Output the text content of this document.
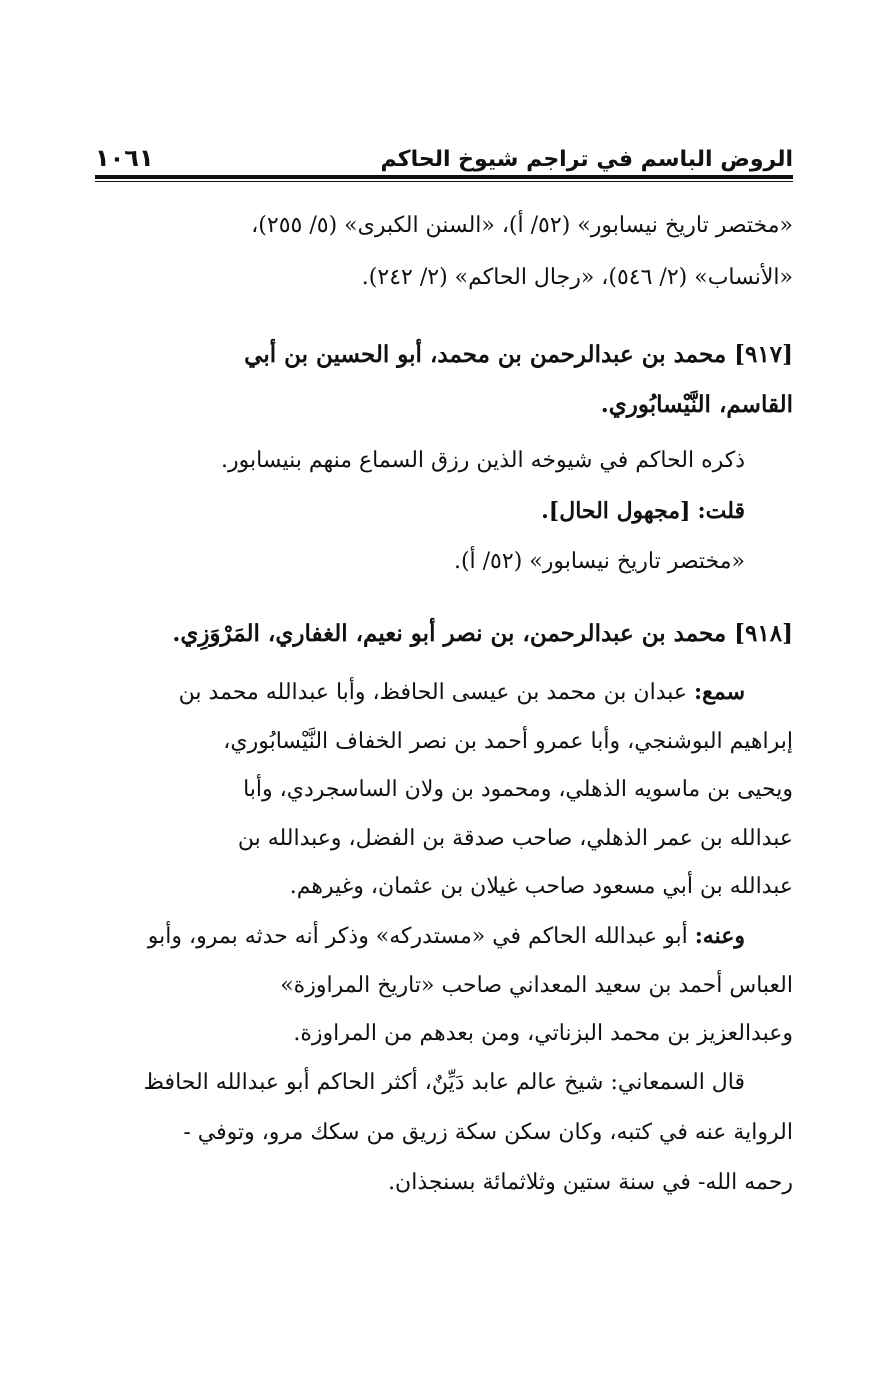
الروض الباسم في تراجم شيوخ الحاكم
١٠٦١
«مختصر تاريخ نيسابور» (٥٢/ أ)، «السنن الكبرى» (٥/ ٢٥٥)،
«الأنساب» (٢/ ٥٤٦)، «رجال الحاكم» (٢/ ٢٤٢).
[٩١٧] محمد بن عبدالرحمن بن محمد، أبو الحسين بن أبي
القاسم، النَّيْسابُوري.
ذكره الحاكم في شيوخه الذين رزق السماع منهم بنيسابور.
قلت: [مجهول الحال].
«مختصر تاريخ نيسابور» (٥٢/ أ).
[٩١٨] محمد بن عبدالرحمن، بن نصر أبو نعيم، الغفاري، المَرْوَزِي.
سمع: عبدان بن محمد بن عيسى الحافظ، وأبا عبدالله محمد بن
إبراهيم البوشنجي، وأبا عمرو أحمد بن نصر الخفاف النَّيْسابُوري،
ويحيى بن ماسويه الذهلي، ومحمود بن ولان الساسجردي، وأبا
عبدالله بن عمر الذهلي، صاحب صدقة بن الفضل، وعبدالله بن
عبدالله بن أبي مسعود صاحب غيلان بن عثمان، وغيرهم.
وعنه: أبو عبدالله الحاكم في «مستدركه» وذكر أنه حدثه بمرو، وأبو
العباس أحمد بن سعيد المعداني صاحب «تاريخ المراوزة»
وعبدالعزيز بن محمد البزناتي، ومن بعدهم من المراوزة.
قال السمعاني: شيخ عالم عابد دَيِّنٌ، أكثر الحاكم أبو عبدالله الحافظ
الرواية عنه في كتبه، وكان سكن سكة زريق من سكك مرو، وتوفي -
رحمه الله- في سنة ستين وثلاثمائة بسنجذان.
